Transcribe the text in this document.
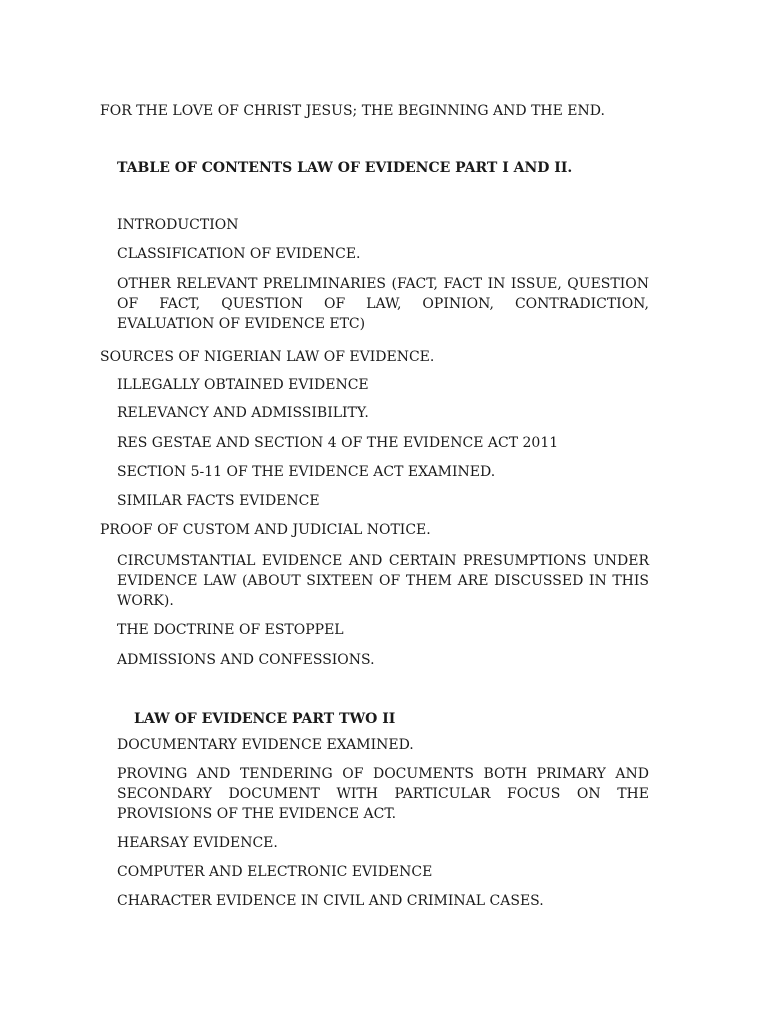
FOR THE LOVE OF CHRIST JESUS; THE BEGINNING AND THE END.
TABLE OF CONTENTS LAW OF EVIDENCE PART I AND II.
INTRODUCTION
CLASSIFICATION OF EVIDENCE.
OTHER RELEVANT PRELIMINARIES (FACT, FACT IN ISSUE, QUESTION OF FACT, QUESTION OF LAW, OPINION, CONTRADICTION, EVALUATION OF EVIDENCE ETC)
SOURCES OF NIGERIAN LAW OF EVIDENCE.
ILLEGALLY OBTAINED EVIDENCE
RELEVANCY AND ADMISSIBILITY.
RES GESTAE AND SECTION 4 OF THE EVIDENCE ACT 2011
SECTION 5-11 OF THE EVIDENCE ACT EXAMINED.
SIMILAR FACTS EVIDENCE
PROOF OF CUSTOM AND JUDICIAL NOTICE.
CIRCUMSTANTIAL EVIDENCE AND CERTAIN PRESUMPTIONS UNDER EVIDENCE LAW (ABOUT SIXTEEN OF THEM ARE DISCUSSED IN THIS WORK).
THE DOCTRINE OF ESTOPPEL
ADMISSIONS AND CONFESSIONS.
LAW OF EVIDENCE PART TWO II
DOCUMENTARY EVIDENCE EXAMINED.
PROVING AND TENDERING OF DOCUMENTS BOTH PRIMARY AND SECONDARY DOCUMENT WITH PARTICULAR FOCUS ON THE PROVISIONS OF THE EVIDENCE ACT.
HEARSAY EVIDENCE.
COMPUTER AND ELECTRONIC EVIDENCE
CHARACTER EVIDENCE IN CIVIL AND CRIMINAL CASES.
